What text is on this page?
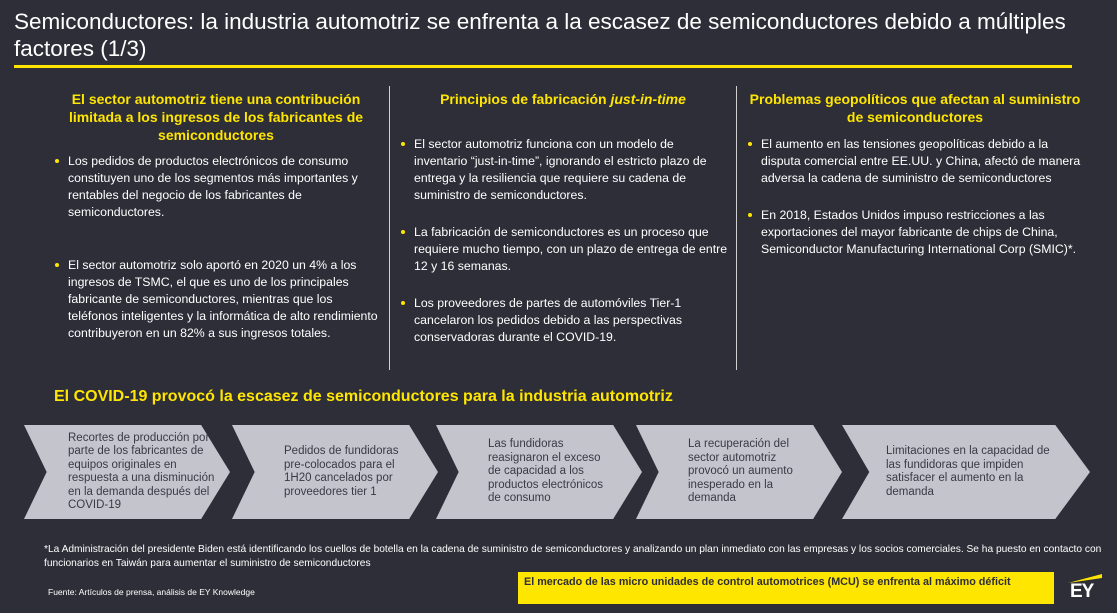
Semiconductores: la industria automotriz se enfrenta a la escasez de semiconductores debido a múltiples factores (1/3)
El sector automotriz tiene una contribución limitada a los ingresos de los fabricantes de semiconductores
Los pedidos de productos electrónicos de consumo constituyen uno de los segmentos más importantes y rentables del negocio de los fabricantes de semiconductores.
El sector automotriz solo aportó en 2020 un 4% a los ingresos de TSMC, el que es uno de los principales fabricante de semiconductores, mientras que los teléfonos inteligentes y la informática de alto rendimiento contribuyeron en un 82% a sus ingresos totales.
Principios de fabricación just-in-time
El sector automotriz funciona con un modelo de inventario “just-in-time”, ignorando el estricto plazo de entrega y la resiliencia que requiere su cadena de suministro de semiconductores.
La fabricación de semiconductores es un proceso que requiere mucho tiempo, con un plazo de entrega de entre 12 y 16 semanas.
Los proveedores de partes de automóviles Tier-1 cancelaron los pedidos debido a las perspectivas conservadoras durante el COVID-19.
Problemas geopolíticos que afectan al suministro de semiconductores
El aumento en las tensiones geopolíticas debido a la disputa comercial entre EE.UU. y China, afectó de manera adversa la cadena de suministro de semiconductores
En 2018, Estados Unidos impuso restricciones a las exportaciones del mayor fabricante de chips de China, Semiconductor Manufacturing International Corp (SMIC)*.
El COVID-19 provocó la escasez de semiconductores para la industria automotriz
Recortes de producción por parte de los fabricantes de equipos originales en respuesta a una disminución en la demanda después del COVID-19
Pedidos de fundidoras pre-colocados para el 1H20 cancelados por proveedores tier 1
Las fundidoras reasignaron el exceso de capacidad a los productos electrónicos de consumo
La recuperación del sector automotriz provocó un aumento inesperado en la demanda
Limitaciones en la capacidad de las fundidoras que impiden satisfacer el aumento en la demanda
*La Administración del presidente Biden está identificando los cuellos de botella en la cadena de suministro de semiconductores y analizando un plan inmediato con las empresas y los socios comerciales. Se ha puesto en contacto con funcionarios en Taiwán para aumentar el suministro de semiconductores
Fuente: Artículos de prensa, análisis de EY Knowledge
El mercado de las micro unidades de control automotrices (MCU) se enfrenta al máximo déficit	EY
